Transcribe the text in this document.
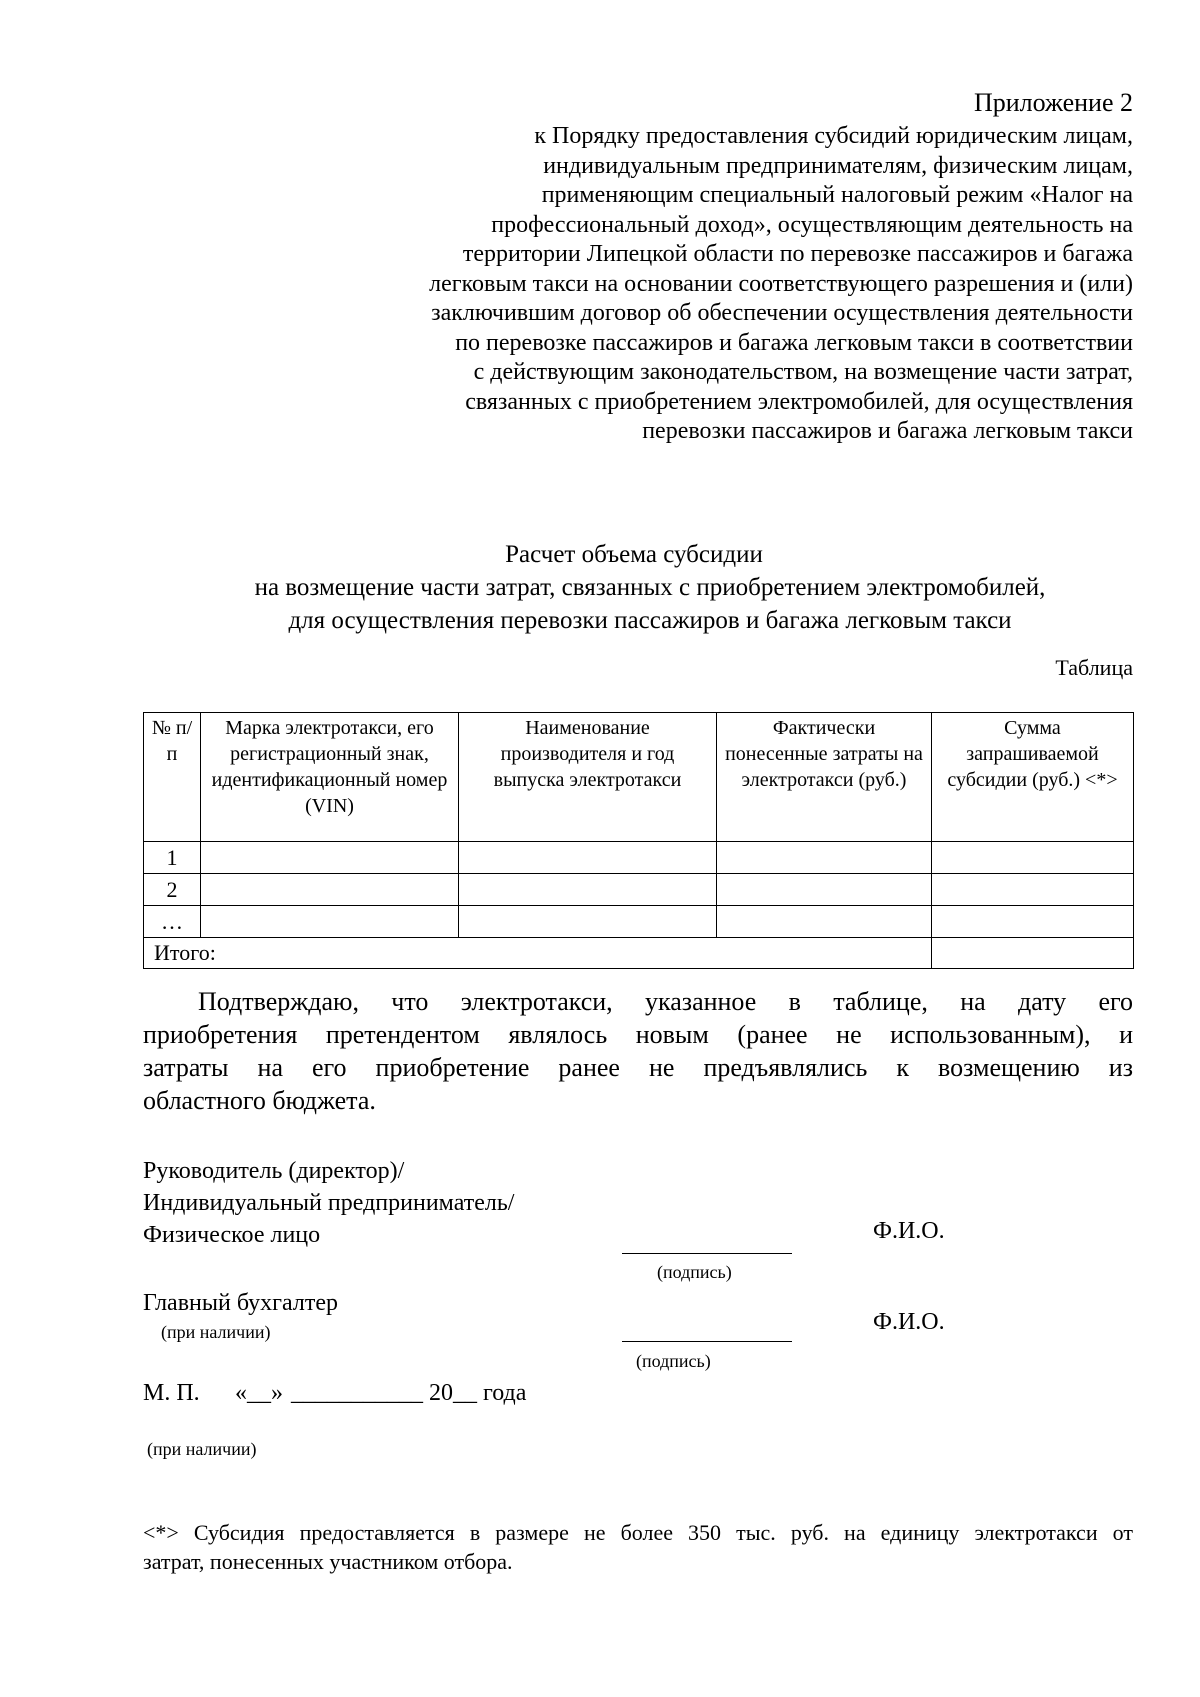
Приложение 2
к Порядку предоставления субсидий юридическим лицам,
индивидуальным предпринимателям, физическим лицам,
применяющим специальный налоговый режим «Налог на
профессиональный доход», осуществляющим деятельность на
территории Липецкой области по перевозке пассажиров и багажа
легковым такси на основании соответствующего разрешения и (или)
заключившим договор об обеспечении осуществления деятельности
по перевозке пассажиров и багажа легковым такси в соответствии
с действующим законодательством, на возмещение части затрат,
связанных с приобретением электромобилей, для осуществления
перевозки пассажиров и багажа легковым такси
Расчет объема субсидии
на возмещение части затрат, связанных с приобретением электромобилей,
для осуществления перевозки пассажиров и багажа легковым такси
Таблица
№ п/п	Марка электротакси, его регистрационный знак, идентификационный номер (VIN)	Наименование производителя и год выпуска электротакси	Фактически понесенные затраты на электротакси (руб.)	Сумма запрашиваемой субсидии (руб.) <*>
1				
2				
…				
Итого:				
Подтверждаю, что электротакси, указанное в таблице, на дату его
приобретения претендентом являлось новым (ранее не использованным), и
затраты на его приобретение ранее не предъявлялись к возмещению из
областного бюджета.
Руководитель (директор)/
Индивидуальный предприниматель/
Физическое лицо
(подпись)
Ф.И.О.
Главный бухгалтер
(при наличии)
(подпись)
Ф.И.О.
М. П. «__» ___________ 20__ года
(при наличии)
<*> Субсидия предоставляется в размере не более 350 тыс. руб. на единицу электротакси от
затрат, понесенных участником отбора.
